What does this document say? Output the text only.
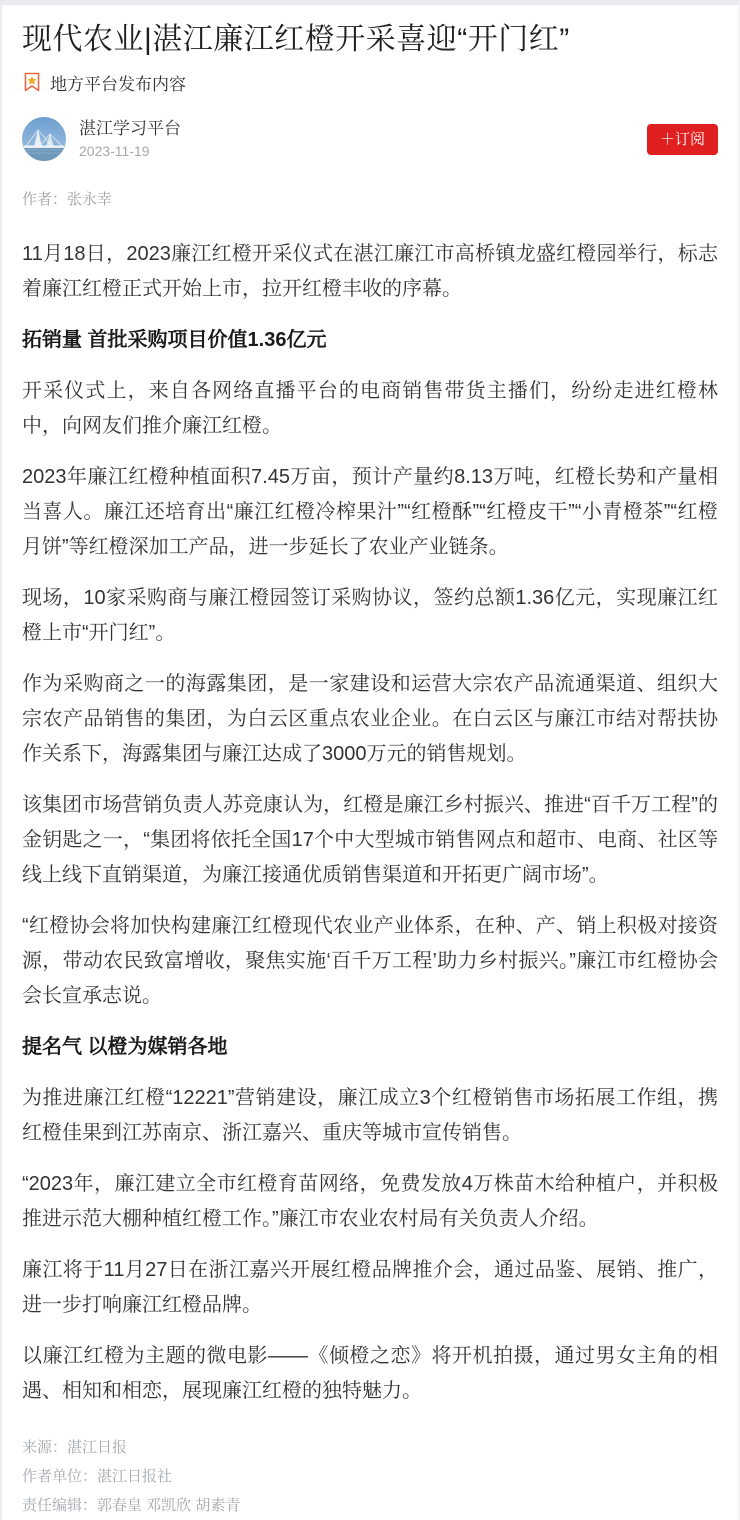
现代农业|湛江廉江红橙开采喜迎“开门红”
地方平台发布内容
湛江学习平台
2023-11-19
＋订阅
作者：张永幸

11月18日，2023廉江红橙开采仪式在湛江廉江市高桥镇龙盛红橙园举行，标志着廉江红橙正式开始上市，拉开红橙丰收的序幕。

拓销量 首批采购项目价值1.36亿元

开采仪式上，来自各网络直播平台的电商销售带货主播们，纷纷走进红橙林中，向网友们推介廉江红橙。

2023年廉江红橙种植面积7.45万亩，预计产量约8.13万吨，红橙长势和产量相当喜人。廉江还培育出“廉江红橙冷榨果汁”“红橙酥”“红橙皮干”“小青橙茶”“红橙月饼”等红橙深加工产品，进一步延长了农业产业链条。

现场，10家采购商与廉江橙园签订采购协议，签约总额1.36亿元，实现廉江红橙上市“开门红”。

作为采购商之一的海露集团，是一家建设和运营大宗农产品流通渠道、组织大宗农产品销售的集团，为白云区重点农业企业。在白云区与廉江市结对帮扶协作关系下，海露集团与廉江达成了3000万元的销售规划。

该集团市场营销负责人苏竞康认为，红橙是廉江乡村振兴、推进“百千万工程”的金钥匙之一，“集团将依托全国17个中大型城市销售网点和超市、电商、社区等线上线下直销渠道，为廉江接通优质销售渠道和开拓更广阔市场”。

“红橙协会将加快构建廉江红橙现代农业产业体系，在种、产、销上积极对接资源，带动农民致富增收，聚焦实施‘百千万工程’助力乡村振兴。”廉江市红橙协会会长宣承志说。

提名气 以橙为媒销各地

为推进廉江红橙“12221”营销建设，廉江成立3个红橙销售市场拓展工作组，携红橙佳果到江苏南京、浙江嘉兴、重庆等城市宣传销售。

“2023年，廉江建立全市红橙育苗网络，免费发放4万株苗木给种植户，并积极推进示范大棚种植红橙工作。”廉江市农业农村局有关负责人介绍。

廉江将于11月27日在浙江嘉兴开展红橙品牌推介会，通过品鉴、展销、推广，进一步打响廉江红橙品牌。

以廉江红橙为主题的微电影——《倾橙之恋》将开机拍摄，通过男女主角的相遇、相知和相恋，展现廉江红橙的独特魅力。

来源：湛江日报

作者单位：湛江日报社

责任编辑：郭春皇 邓凯欣 胡素青
